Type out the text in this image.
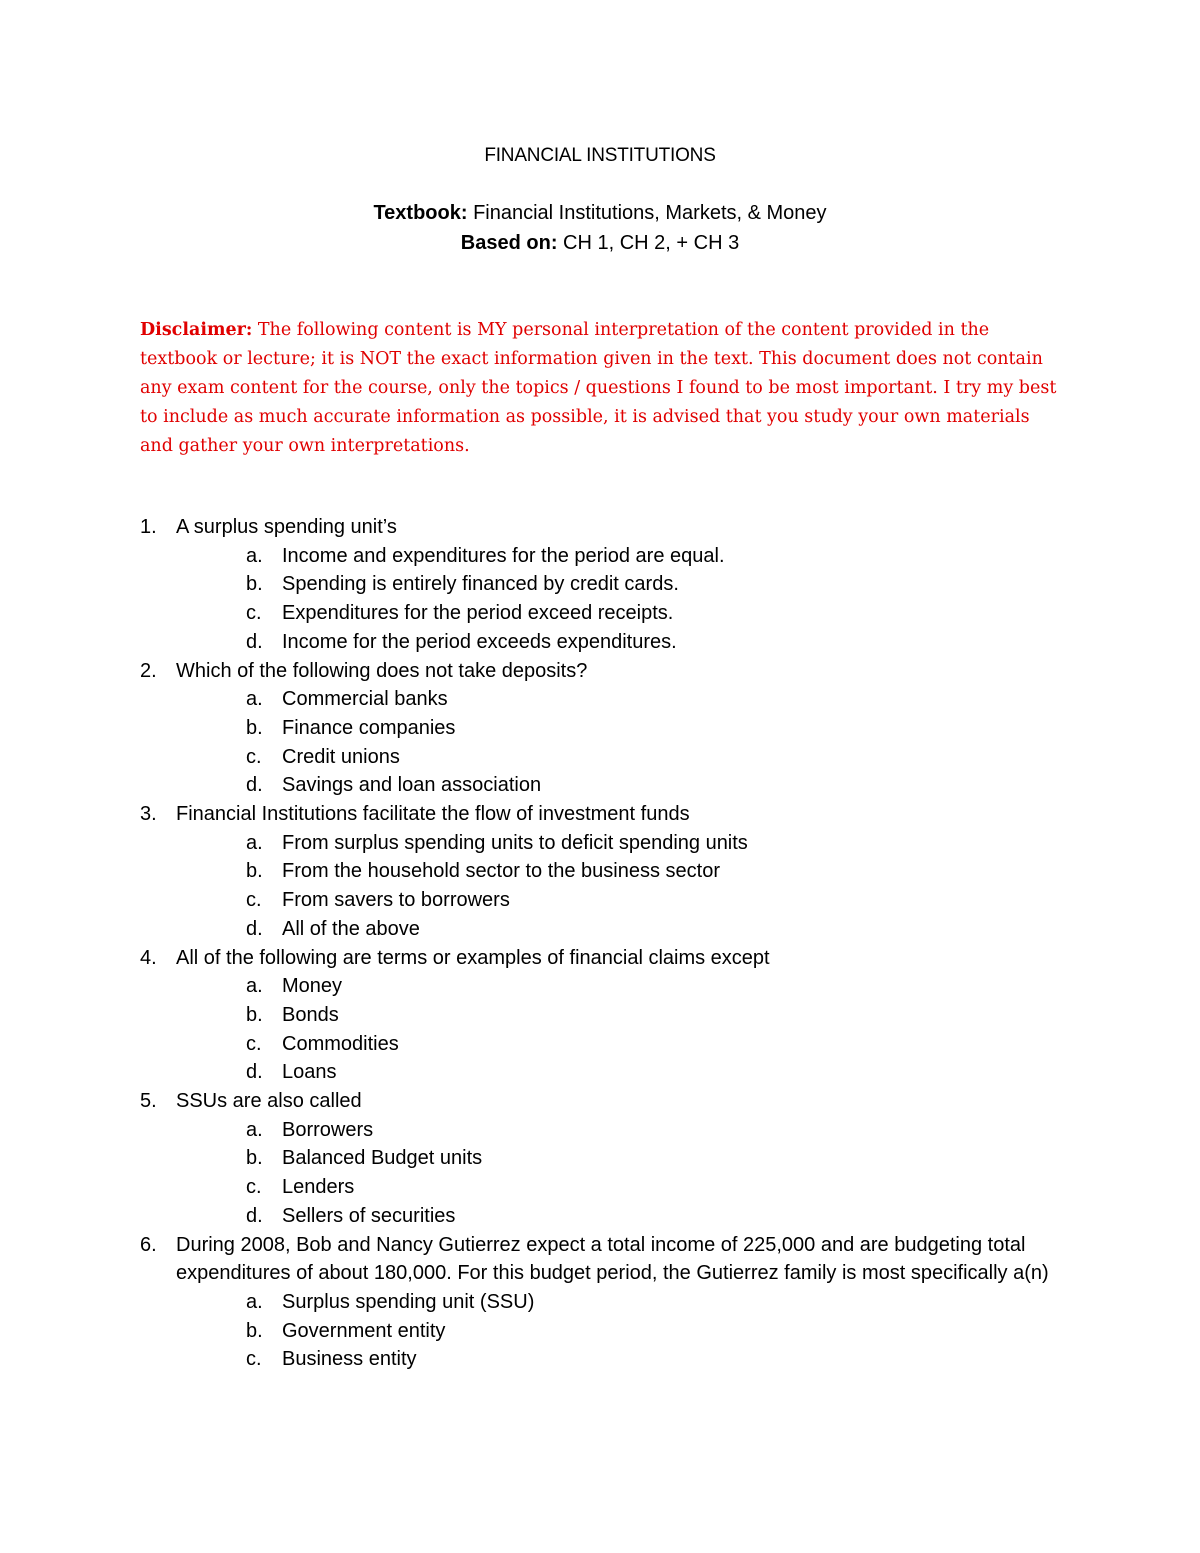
FINANCIAL INSTITUTIONS

Textbook: Financial Institutions, Markets, & Money

Based on: CH 1, CH 2, + CH 3

Disclaimer: The following content is MY personal interpretation of the content provided in the textbook or lecture; it is NOT the exact information given in the text. This document does not contain any exam content for the course, only the topics / questions I found to be most important. I try my best to include as much accurate information as possible, it is advised that you study your own materials and gather your own interpretations.

1. A surplus spending unit’s
a. Income and expenditures for the period are equal.
b. Spending is entirely financed by credit cards.
c. Expenditures for the period exceed receipts.
d. Income for the period exceeds expenditures.
2. Which of the following does not take deposits?
a. Commercial banks
b. Finance companies
c. Credit unions
d. Savings and loan association
3. Financial Institutions facilitate the flow of investment funds
a. From surplus spending units to deficit spending units
b. From the household sector to the business sector
c. From savers to borrowers
d. All of the above
4. All of the following are terms or examples of financial claims except
a. Money
b. Bonds
c. Commodities
d. Loans
5. SSUs are also called
a. Borrowers
b. Balanced Budget units
c. Lenders
d. Sellers of securities
6. During 2008, Bob and Nancy Gutierrez expect a total income of 225,000 and are budgeting total expenditures of about 180,000. For this budget period, the Gutierrez family is most specifically a(n)
a. Surplus spending unit (SSU)
b. Government entity
c. Business entity
